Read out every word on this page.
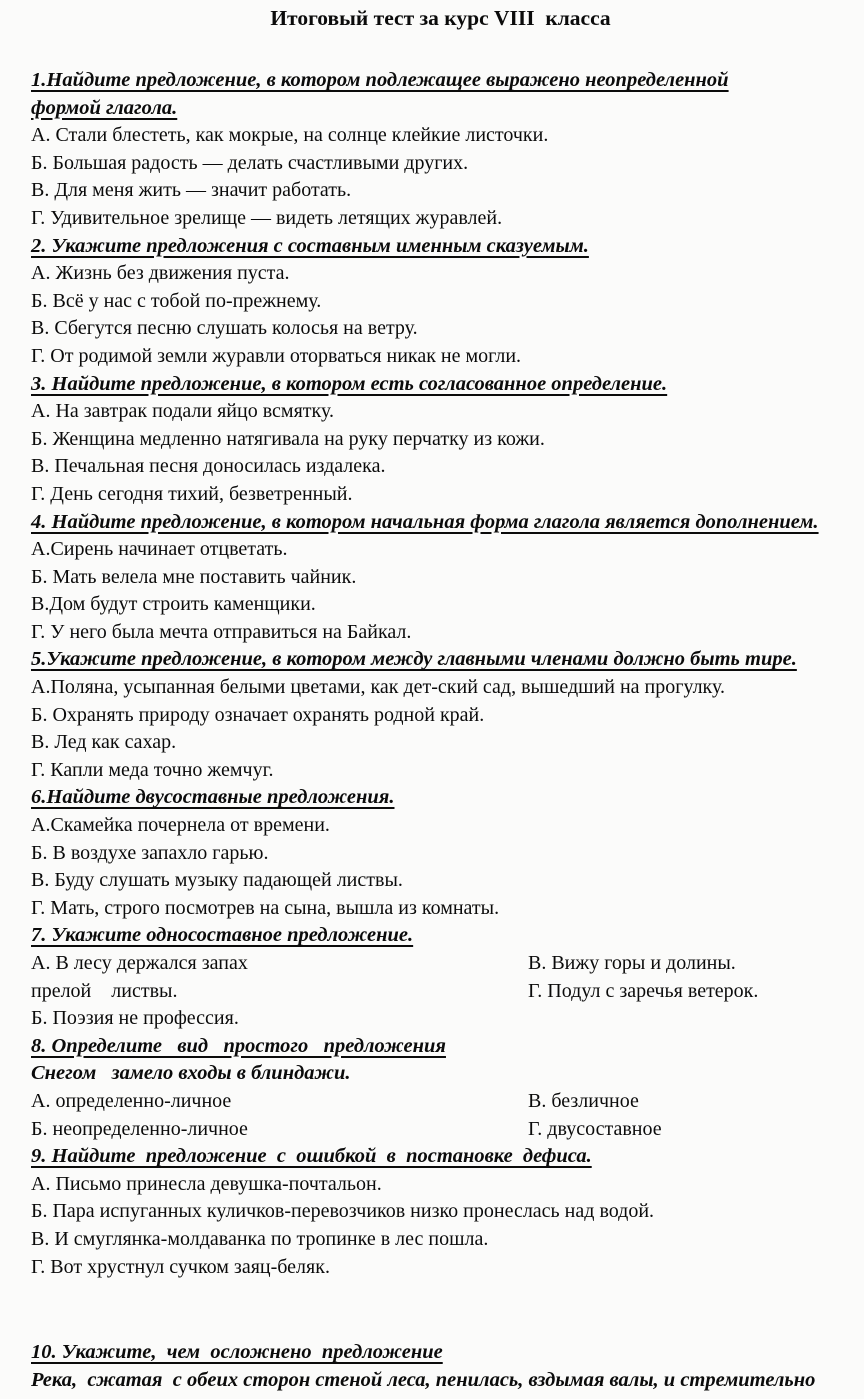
Итоговый тест за курс VIII  класса
1.Найдите предложение, в котором подлежащее выражено неопределенной
формой глагола.
А. Стали блестеть, как мокрые, на солнце клейкие листочки.
Б. Большая радость — делать счастливыми других.
В. Для меня жить — значит работать.
Г. Удивительное зрелище — видеть летящих журавлей.
2. Укажите предложения с составным именным сказуемым.
А. Жизнь без движения пуста.
Б. Всё у нас с тобой по-прежнему.
В. Сбегутся песню слушать колосья на ветру.
Г. От родимой земли журавли оторваться никак не могли.
3. Найдите предложение, в котором есть согласованное определение.
А. На завтрак подали яйцо всмятку.
Б. Женщина медленно натягивала на руку перчатку из кожи.
В. Печальная песня доносилась издалека.
Г. День сегодня тихий, безветренный.
4. Найдите предложение, в котором начальная форма глагола является дополнением.
А.Сирень начинает отцветать.
Б. Мать велела мне поставить чайник.
В.Дом будут строить каменщики.
Г. У него была мечта отправиться на Байкал.
5.Укажите предложение, в котором между главными членами должно быть тире.
А.Поляна, усыпанная белыми цветами, как дет-ский сад, вышедший на прогулку.
Б. Охранять природу означает охранять родной край.
В. Лед как сахар.
Г. Капли меда точно жемчуг.
6.Найдите двусоставные предложения.
А.Скамейка почернела от времени.
Б. В воздухе запахло гарью.
В. Буду слушать музыку падающей листвы.
Г. Мать, строго посмотрев на сына, вышла из комнаты.
7. Укажите односоставное предложение.
А. В лесу держался запах
прелой    листвы.
Б. Поэзия не профессия.
В. Вижу горы и долины.
Г. Подул с заречья ветерок.
8. Определите   вид   простого   предложения
Снегом   замело входы в блиндажи.
А. определенно-личное
Б. неопределенно-личное
В. безличное
Г. двусоставное
9. Найдите  предложение  с  ошибкой  в  постановке  дефиса.
А. Письмо принесла девушка-почтальон.
Б. Пара испуганных куличков-перевозчиков низко пронеслась над водой.
В. И смуглянка-молдаванка по тропинке в лес пошла.
Г. Вот хрустнул сучком заяц-беляк.
10. Укажите,  чем  осложнено  предложение
Река,  сжатая  с обеих сторон стеной леса, пенилась, вздымая валы, и стремительно
